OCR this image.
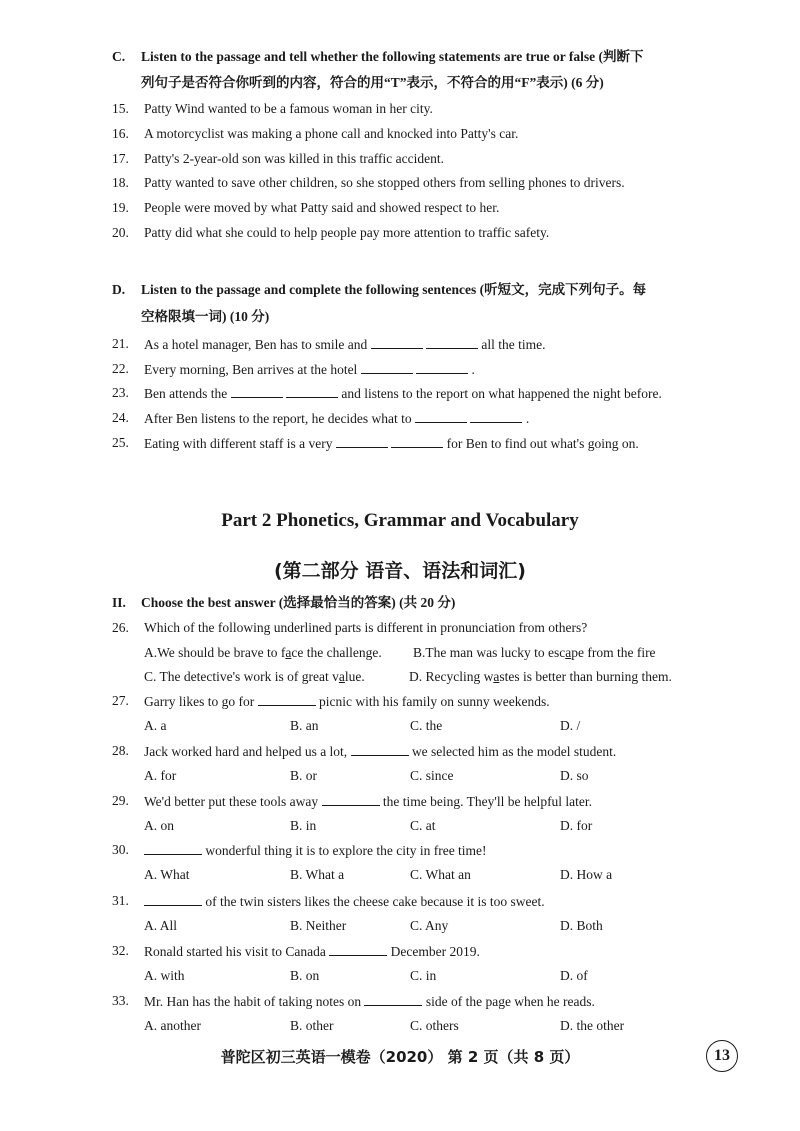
C. Listen to the passage and tell whether the following statements are true or false (判断下
列句子是否符合你听到的内容，符合的用“T”表示，不符合的用“F”表示) (6 分)
15. Patty Wind wanted to be a famous woman in her city.
16. A motorcyclist was making a phone call and knocked into Patty's car.
17. Patty's 2-year-old son was killed in this traffic accident.
18. Patty wanted to save other children, so she stopped others from selling phones to drivers.
19. People were moved by what Patty said and showed respect to her.
20. Patty did what she could to help people pay more attention to traffic safety.
D. Listen to the passage and complete the following sentences (听短文，完成下列句子。每
空格限填一词) (10 分)
21. As a hotel manager, Ben has to smile and	all the time.
22. Every morning, Ben arrives at the hotel	.
23. Ben attends the	and listens to the report on what happened the night before.
24. After Ben listens to the report, he decides what to	.
25. Eating with different staff is a very	for Ben to find out what's going on.
Part 2 Phonetics, Grammar and Vocabulary
(第二部分 语音、语法和词汇)
II. Choose the best answer (选择最恰当的答案) (共 20 分)
26. Which of the following underlined parts is different in pronunciation from others?
A.We should be brave to face the challenge. B.The man was lucky to escape from the fire
C. The detective's work is of great value.	D. Recycling wastes is better than burning them.
27. Garry likes to go for	picnic with his family on sunny weekends.
A. a	B. an	C. the	D. /
28. Jack worked hard and helped us a lot,	we selected him as the model student.
A. for	B. or	C. since	D. so
29. We'd better put these tools away	the time being. They'll be helpful later.
A. on	B. in	C. at	D. for
30.	wonderful thing it is to explore the city in free time!
A. What	B. What a	C. What an	D. How a
31.	of the twin sisters likes the cheese cake because it is too sweet.
A. All	B. Neither	C. Any	D. Both
32. Ronald started his visit to Canada	December 2019.
A. with	B. on	C. in	D. of
33. Mr. Han has the habit of taking notes on	side of the page when he reads.
A. another	B. other	C. others	D. the other
普陀区初三英语一模卷（2020） 第 2 页（共 8 页）	13
